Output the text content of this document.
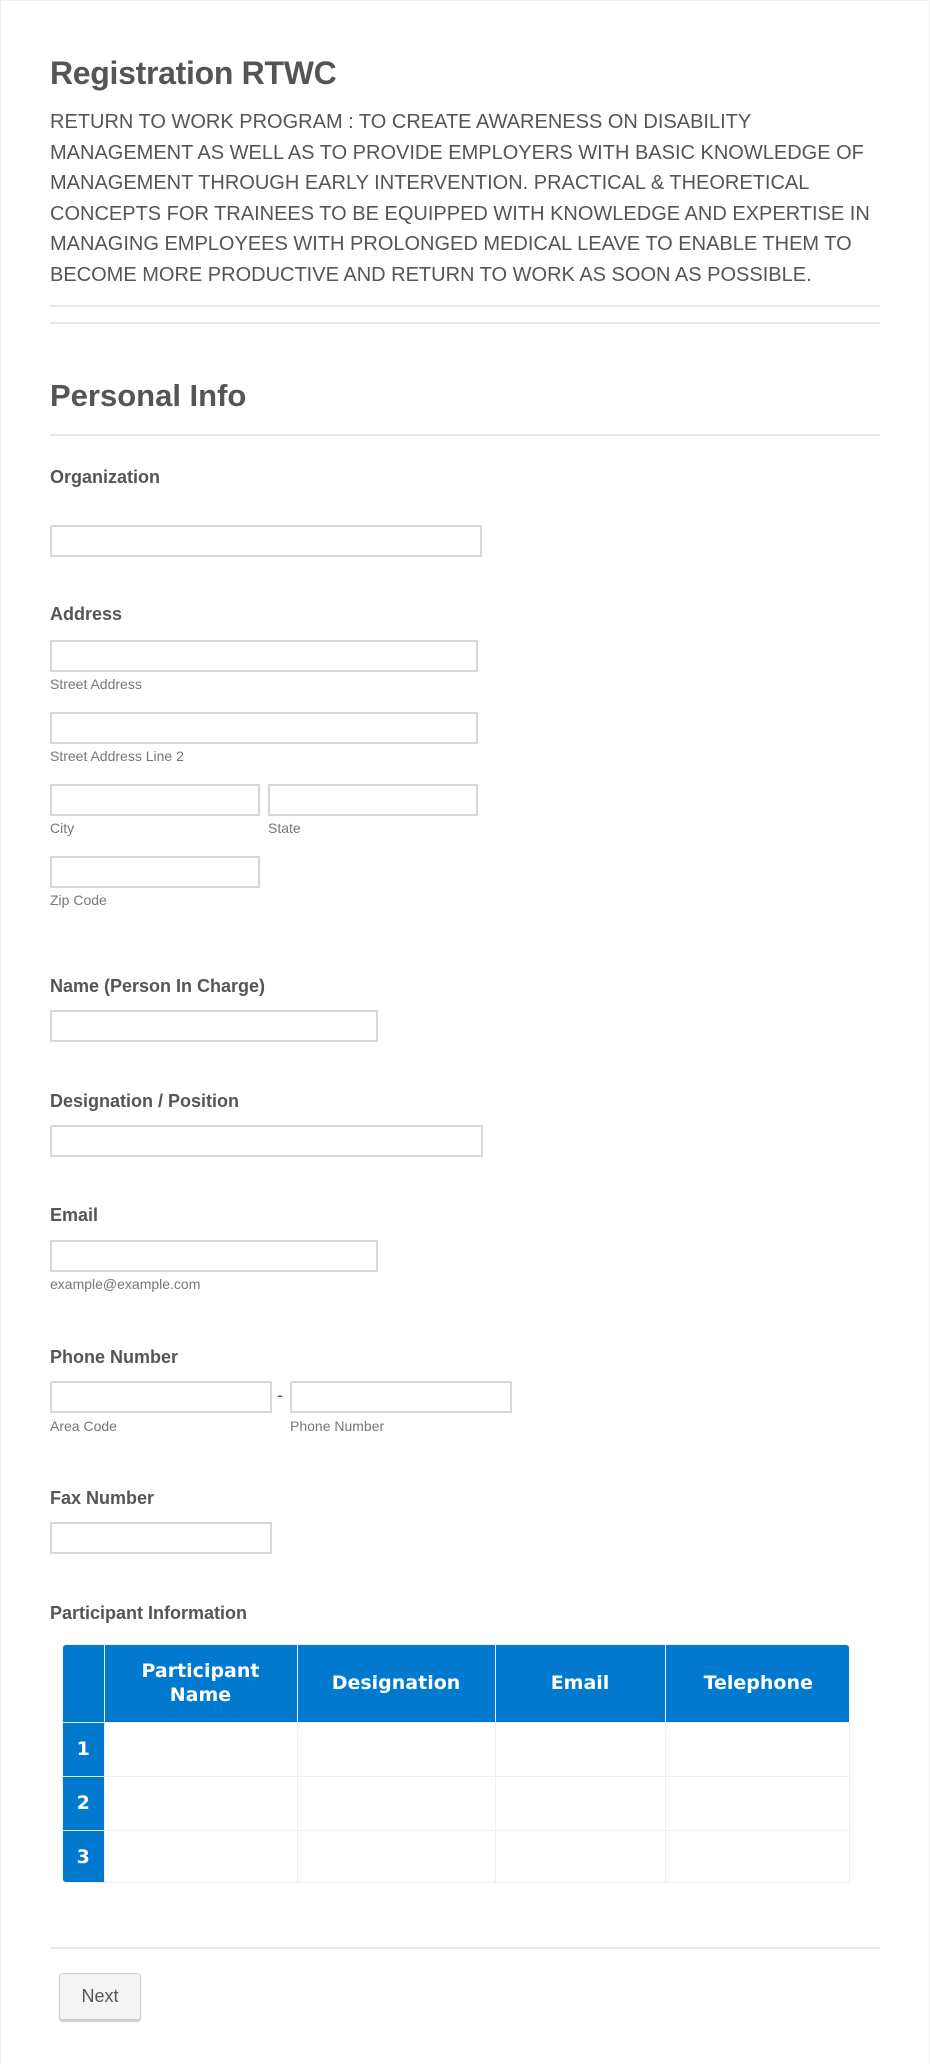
Registration RTWC

RETURN TO WORK PROGRAM : TO CREATE AWARENESS ON DISABILITY MANAGEMENT AS WELL AS TO PROVIDE EMPLOYERS WITH BASIC KNOWLEDGE OF MANAGEMENT THROUGH EARLY INTERVENTION. PRACTICAL & THEORETICAL CONCEPTS FOR TRAINEES TO BE EQUIPPED WITH KNOWLEDGE AND EXPERTISE IN MANAGING EMPLOYEES WITH PROLONGED MEDICAL LEAVE TO ENABLE THEM TO BECOME MORE PRODUCTIVE AND RETURN TO WORK AS SOON AS POSSIBLE.

Personal Info
Organization
Address
Street Address
Street Address Line 2
City	State
Zip Code
Name (Person In Charge)
Designation / Position
Email
example@example.com
Phone Number
-
Area Code	Phone Number
Fax Number
Participant Information
	Participant Name	Designation	Email	Telephone
1				
2				
3				
Next
